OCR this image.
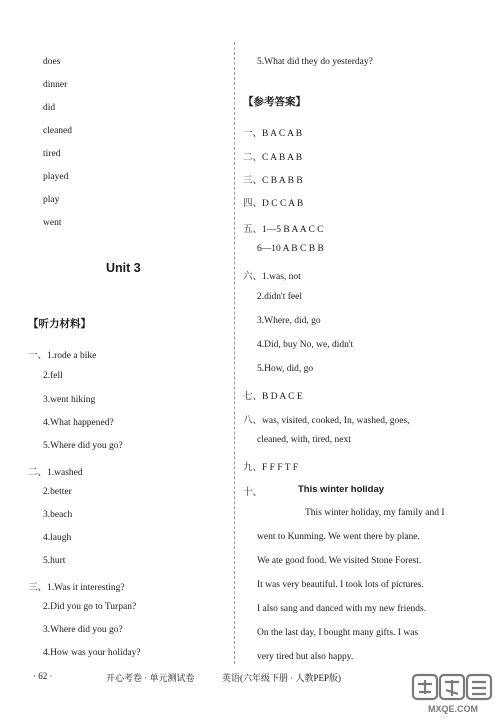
does
dinner
did
cleaned
tired
played
play
went
Unit 3
【听力材料】
一、1.rode a bike
2.fell
3.went hiking
4.What happened?
5.Where did you go?
二、1.washed
2.better
3.beach
4.laugh
5.hurt
三、1.Was it interesting?
2.Did you go to Turpan?
3.Where did you go?
4.How was your holiday?
5.What did they do yesterday?
【参考答案】
一、B A C A B
二、C A B A B
三、C B A B B
四、D C C A B
五、1—5 B A A C C
6—10 A B C B B
六、1.was, not
2.didn't feel
3.Where, did, go
4.Did, buy No, we, didn't
5.How, did, go
七、B D A C E
八、was, visited, cooked, In, washed, goes,
cleaned, with, tired, next
九、F F F T F
十、	This winter holiday
This winter holiday, my family and I
went to Kunming. We went there by plane.
We ate good food. We visited Stone Forest.
It was very beautiful. I took lots of pictures.
I also sang and danced with my new friends.
On the last day, I bought many gifts. I was
very tired but also happy.
· 62 ·	开心考卷 · 单元测试卷	英语(六年级下册 · 人教PEP版)
MXQE.COM
